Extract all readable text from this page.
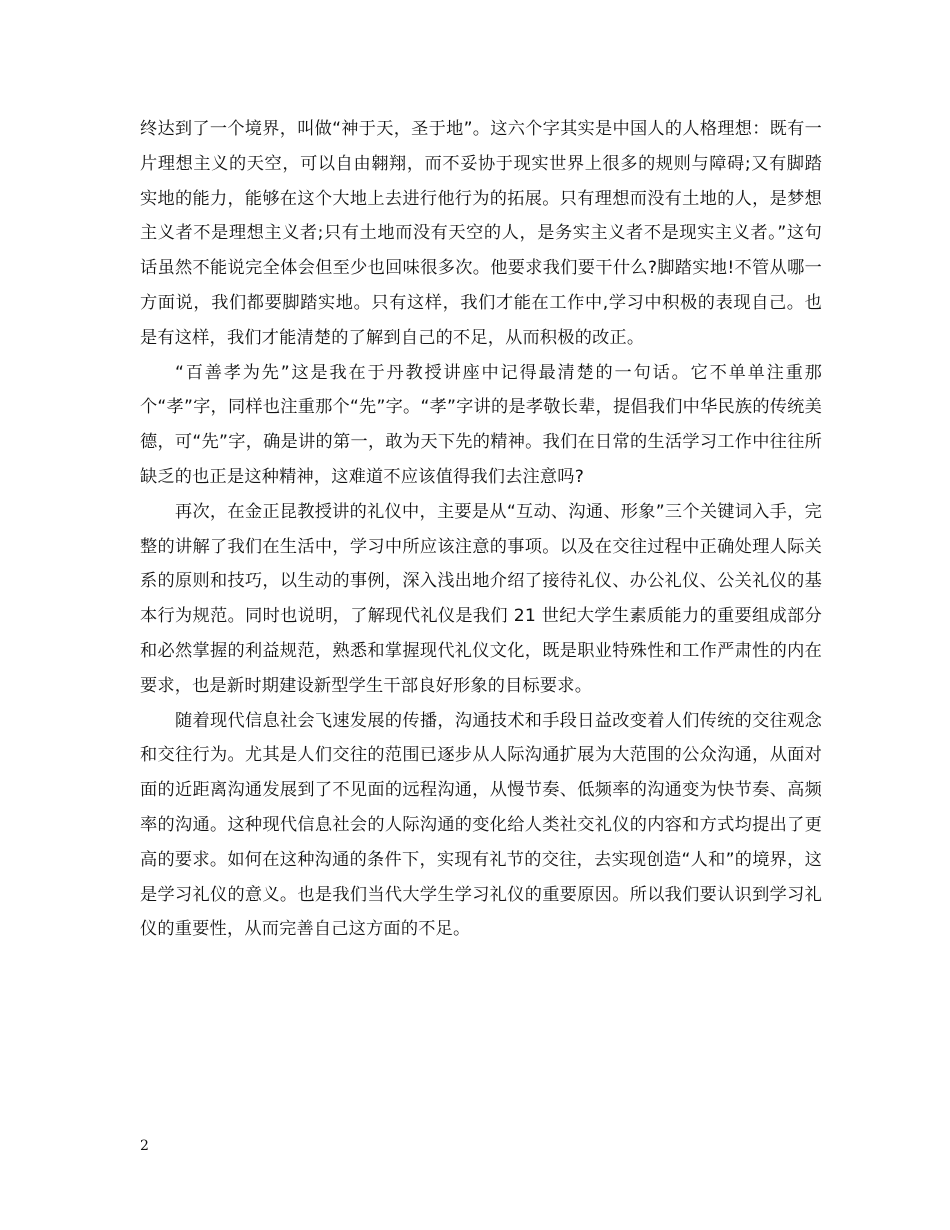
终达到了一个境界，叫做“神于天，圣于地”。这六个字其实是中国人的人格理想：既有一片理想主义的天空，可以自由翱翔，而不妥协于现实世界上很多的规则与障碍;又有脚踏实地的能力，能够在这个大地上去进行他行为的拓展。只有理想而没有土地的人，是梦想主义者不是理想主义者;只有土地而没有天空的人，是务实主义者不是现实主义者。”这句话虽然不能说完全体会但至少也回味很多次。他要求我们要干什么?脚踏实地!不管从哪一方面说，我们都要脚踏实地。只有这样，我们才能在工作中,学习中积极的表现自己。也是有这样，我们才能清楚的了解到自己的不足，从而积极的改正。

“百善孝为先”这是我在于丹教授讲座中记得最清楚的一句话。它不单单注重那个“孝”字，同样也注重那个“先”字。“孝”字讲的是孝敬长辈，提倡我们中华民族的传统美德，可“先”字，确是讲的第一，敢为天下先的精神。我们在日常的生活学习工作中往往所缺乏的也正是这种精神，这难道不应该值得我们去注意吗?

再次，在金正昆教授讲的礼仪中，主要是从“互动、沟通、形象”三个关键词入手，完整的讲解了我们在生活中，学习中所应该注意的事项。以及在交往过程中正确处理人际关系的原则和技巧，以生动的事例，深入浅出地介绍了接待礼仪、办公礼仪、公关礼仪的基本行为规范。同时也说明，了解现代礼仪是我们 21 世纪大学生素质能力的重要组成部分和必然掌握的利益规范，熟悉和掌握现代礼仪文化，既是职业特殊性和工作严肃性的内在要求，也是新时期建设新型学生干部良好形象的目标要求。

随着现代信息社会飞速发展的传播，沟通技术和手段日益改变着人们传统的交往观念和交往行为。尤其是人们交往的范围已逐步从人际沟通扩展为大范围的公众沟通，从面对面的近距离沟通发展到了不见面的远程沟通，从慢节奏、低频率的沟通变为快节奏、高频率的沟通。这种现代信息社会的人际沟通的变化给人类社交礼仪的内容和方式均提出了更高的要求。如何在这种沟通的条件下，实现有礼节的交往，去实现创造“人和”的境界，这是学习礼仪的意义。也是我们当代大学生学习礼仪的重要原因。所以我们要认识到学习礼仪的重要性，从而完善自己这方面的不足。

2
